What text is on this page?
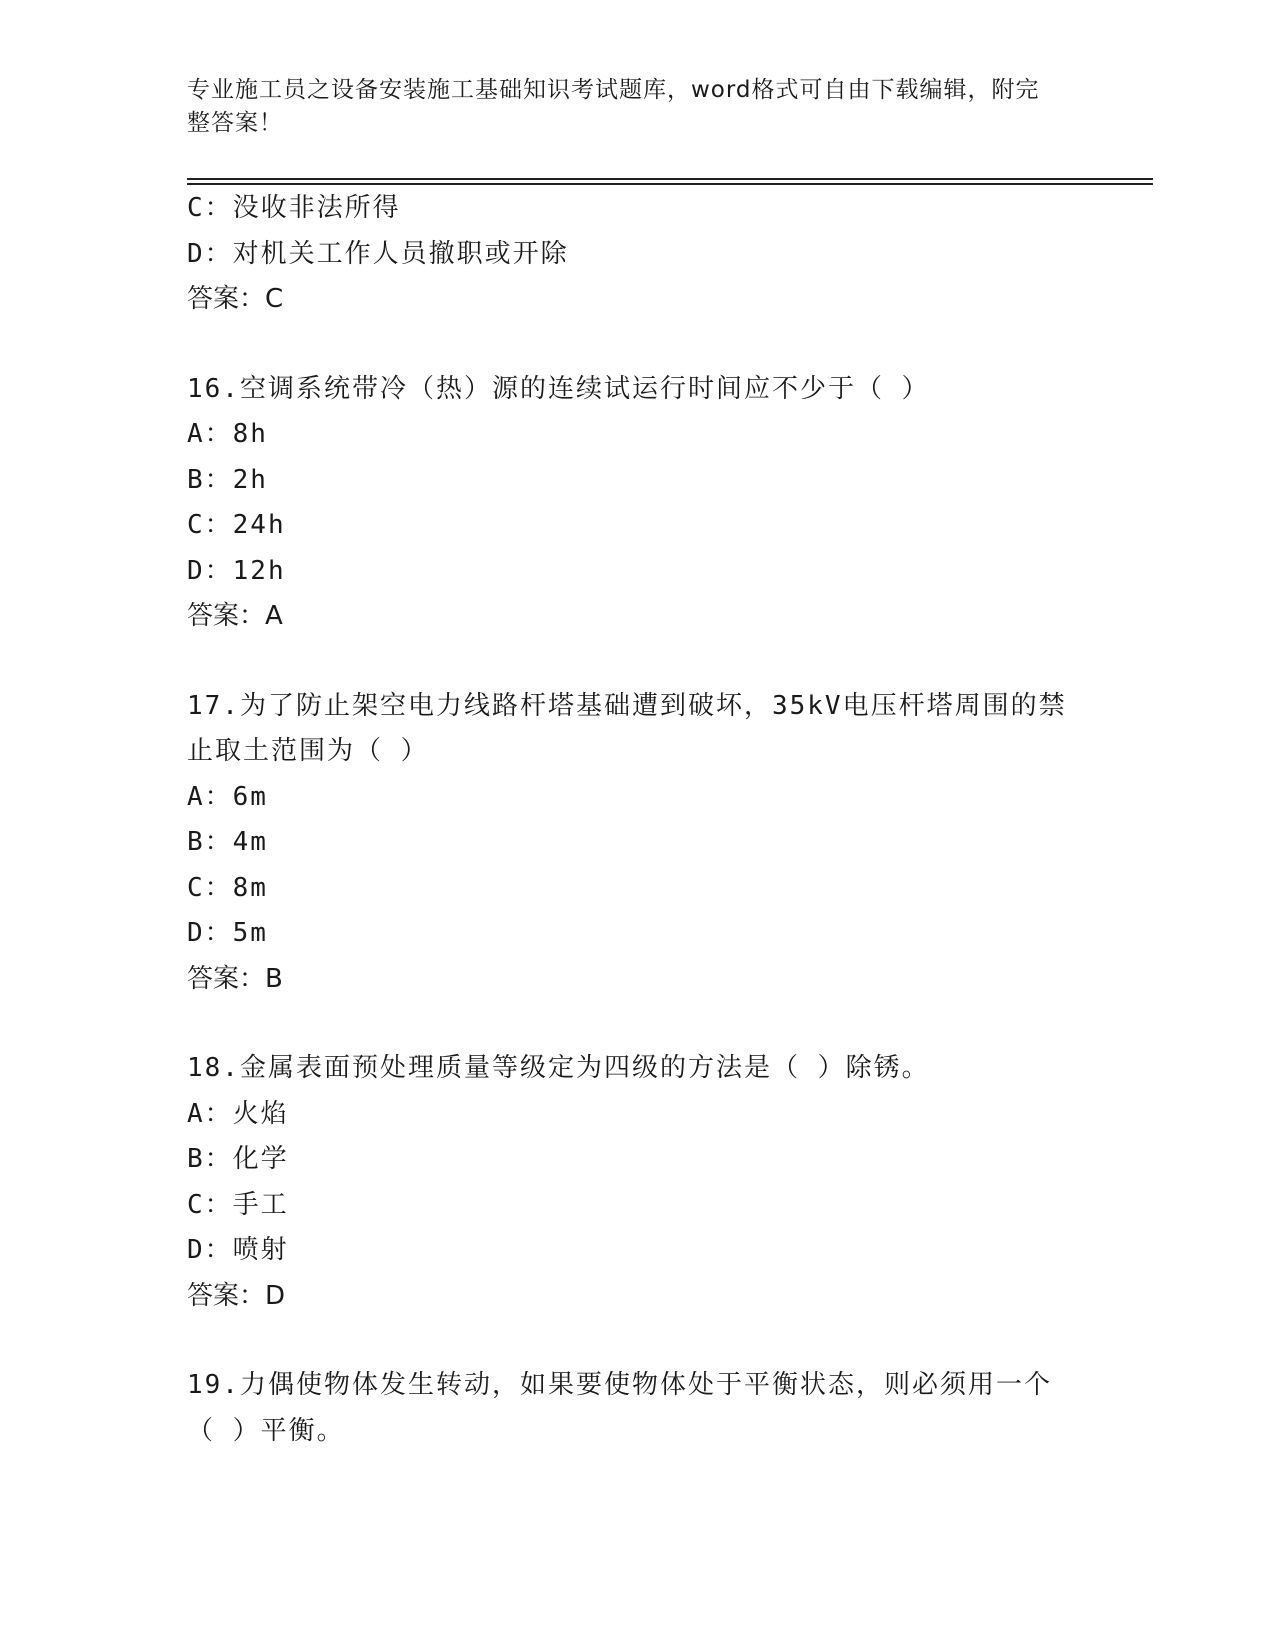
专业施工员之设备安装施工基础知识考试题库，word格式可自由下载编辑，附完
整答案！
C：没收非法所得
D：对机关工作人员撤职或开除
答案：C
16.空调系统带冷（热）源的连续试运行时间应不少于（ ）
A：8h
B：2h
C：24h
D：12h
答案：A
17.为了防止架空电力线路杆塔基础遭到破坏，35kV电压杆塔周围的禁
止取土范围为（ ）
A：6m
B：4m
C：8m
D：5m
答案：B
18.金属表面预处理质量等级定为四级的方法是（ ）除锈。
A：火焰
B：化学
C：手工
D：喷射
答案：D
19.力偶使物体发生转动，如果要使物体处于平衡状态，则必须用一个
（ ）平衡。
